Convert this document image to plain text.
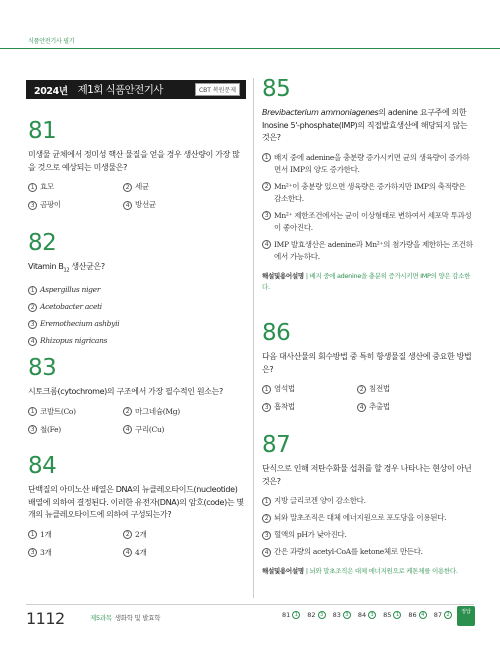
식품안전기사 필기
2024년 제1회 식품안전기사	CBT 복원문제
81
미생물 균체에서 정미성 핵산 물질을 얻을 경우 생산량이 가장 많을 것으로 예상되는 미생물은?
1 효모	2 세균
3 곰팡이	4 방선균
82
Vitamin $B_{12}$ 생산균은?
1 Aspergillus niger
2 Acetobacter aceti
3 Eremothecium ashbyii
4 Rhizopus nigricans
83
시토크롬(cytochrome)의 구조에서 가장 필수적인 원소는?
1 코발트(Co)	2 마그네슘(Mg)
3 철(Fe)	4 구리(Cu)
84
단백질의 아미노산 배열은 DNA의 뉴클레오타이드(nucleotide) 배열에 의하여 결정된다. 이러한 유전자(DNA)의 암호(code)는 몇 개의 뉴클레오타이드에 의하여 구성되는가?
1 1개	2 2개
3 3개	4 4개
85
Brevibacterium ammoniagenes의 adenine 요구주에 의한 Inosine 5'-phosphate(IMP)의 직접발효생산에 해당되지 않는 것은?
1 배지 중에 adenine을 충분량 증가시키면 균의 생육량이 증가하면서 IMP의 양도 증가한다.
2 Mn²⁺이 충분량 있으면 생육량은 증가하지만 IMP의 축적량은 감소한다.
3 Mn²⁺ 제한조건에서는 균이 이상형태로 변하여서 세포막 투과성이 좋아진다.
4 IMP 발효생산은 adenine과 Mn²⁺의 첨가량을 제한하는 조건하에서 가능하다.
해설및용어설명 | 배지 중에 adenine을 충분히 증가시키면 IMP의 양은 감소한다.
86
다음 대사산물의 회수방법 중 특히 항생물질 생산에 중요한 방법은?
1 염석법	2 침전법
3 흡착법	4 추출법
87
단식으로 인해 저탄수화물 섭취를 할 경우 나타나는 현상이 아닌 것은?
1 지방 글리코겐 양이 감소한다.
2 뇌와 말초조직은 대체 에너지원으로 포도당을 이용된다.
3 혈액의 pH가 낮아진다.
4 간은 과량의 acetyl-CoA를 ketone체로 만든다.
해설및용어설명 | 뇌와 말초조직은 대체 에너지원으로 케톤체를 이용한다.
1112	제5과목 생화학 및 발효학	81 1	82 3	83 3	84 3	85 1	86 4	87 2	정답
